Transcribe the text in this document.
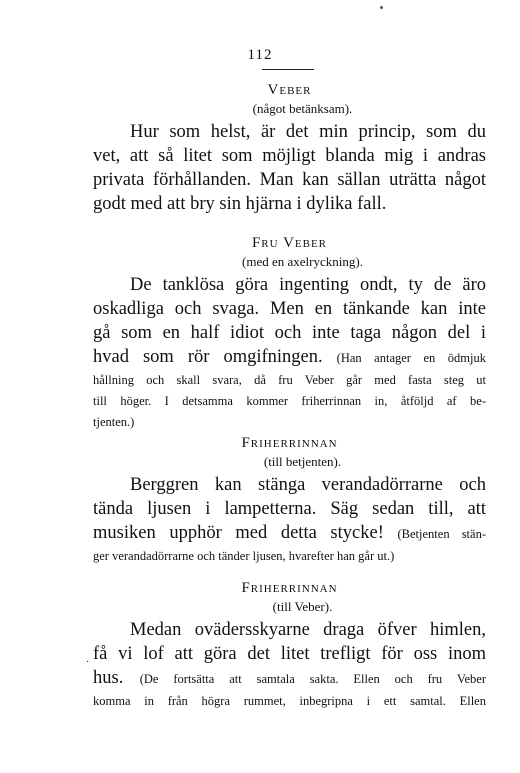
112
Veber
(något betänksam).
Hur som helst, är det min princip, som du
vet, att så litet som möjligt blanda mig i andras
privata förhållanden. Man kan sällan uträtta något
godt med att bry sin hjärna i dylika fall.
Fru Veber
(med en axelryckning).
De tanklösa göra ingenting ondt, ty de äro
oskadliga och svaga. Men en tänkande kan inte
gå som en half idiot och inte taga någon del i
hvad som rör omgifningen. (Han antager en ödmjuk
hållning och skall svara, då fru Veber går med fasta steg ut
till höger. I detsamma kommer friherrinnan in, åtföljd af be-
tjenten.)
Friherrinnan
(till betjenten).
Berggren kan stänga verandadörrarne och
tända ljusen i lampetterna. Säg sedan till, att
musiken upphör med detta stycke! (Betjenten stän-
ger verandadörrarne och tänder ljusen, hvarefter han går ut.)
Friherrinnan
(till Veber).
Medan ovädersskyarne draga öfver himlen,
få vi lof att göra det litet trefligt för oss inom
hus. (De fortsätta att samtala sakta. Ellen och fru Veber
komma in från högra rummet, inbegripna i ett samtal. Ellen
.
